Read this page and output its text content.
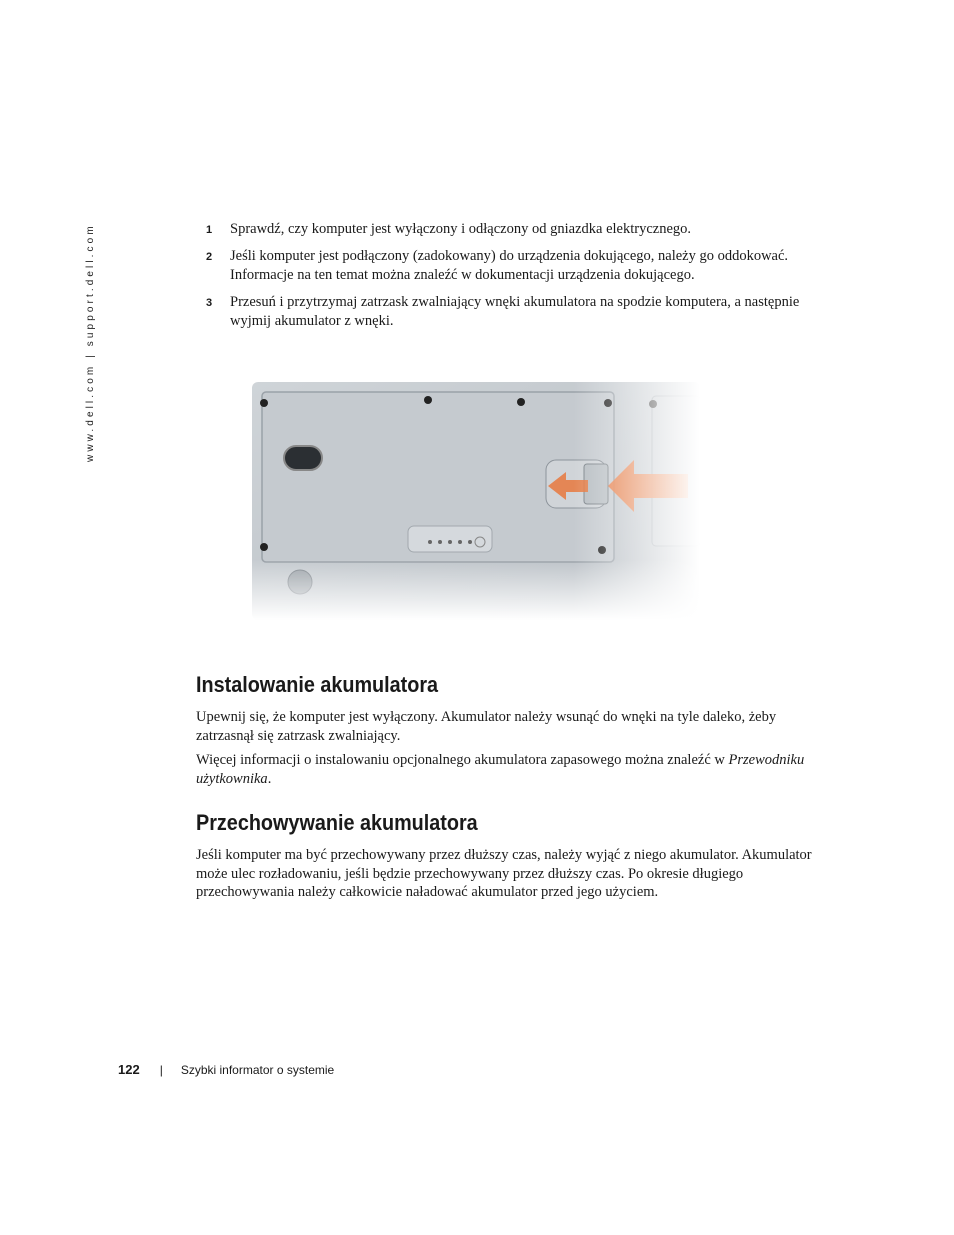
www.dell.com | support.dell.com	1 Sprawdź, czy komputer jest wyłączony i odłączony od gniazdka elektrycznego.
2 Jeśli komputer jest podłączony (zadokowany) do urządzenia dokującego, należy go oddokować. Informacje na ten temat można znaleźć w dokumentacji urządzenia dokującego.
3 Przesuń i przytrzymaj zatrzask zwalniający wnęki akumulatora na spodzie komputera, a następnie wyjmij akumulator z wnęki.
Instalowanie akumulatora

Upewnij się, że komputer jest wyłączony. Akumulator należy wsunąć do wnęki na tyle daleko, żeby zatrzasnął się zatrzask zwalniający.

Więcej informacji o instalowaniu opcjonalnego akumulatora zapasowego można znaleźć w Przewodniku użytkownika.

Przechowywanie akumulatora

Jeśli komputer ma być przechowywany przez dłuższy czas, należy wyjąć z niego akumulator. Akumulator może ulec rozładowaniu, jeśli będzie przechowywany przez dłuższy czas. Po okresie długiego przechowywania należy całkowicie naładować akumulator przed jego użyciem.

122 | Szybki informator o systemie
